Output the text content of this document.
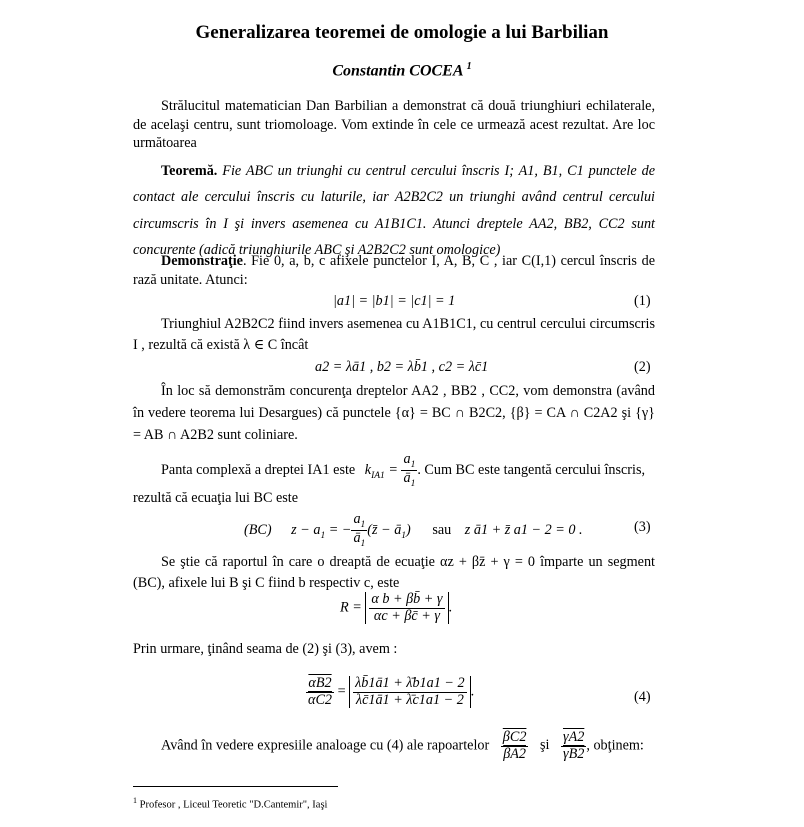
Generalizarea teoremei de omologie a lui Barbilian
Constantin COCEA $^1$
Strălucitul matematician Dan Barbilian a demonstrat că două triunghiuri echilaterale, de acelaşi centru, sunt triomoloage. Vom extinde în cele ce urmează acest rezultat. Are loc următoarea
Teoremă. Fie ABC un triunghi cu centrul cercului înscris I; A1, B1, C1 punctele de contact ale cercului înscris cu laturile, iar A2B2C2 un triunghi având centrul cercului circumscris în I şi invers asemenea cu A1B1C1. Atunci dreptele AA2, BB2, CC2 sunt concurente (adică triunghiurile ABC şi A2B2C2 sunt omologice)
Demonstraţie. Fie 0, a, b, c afixele punctelor I, A, B, C , iar C(I,1) cercul înscris de rază unitate. Atunci:
|a1| = |b1| = |c1| = 1	(1)
Triunghiul A2B2C2 fiind invers asemenea cu A1B1C1, cu centrul cercului circumscris I , rezultă că există λ ∈ C încât
a2 = λā1 , b2 = λb̄1 , c2 = λc̄1	(2)
În loc să demonstrăm concurenţa dreptelor AA2 , BB2 , CC2, vom demonstra (având în vedere teorema lui Desargues) că punctele {α} = BC ∩ B2C2, {β} = CA ∩ C2A2 şi {γ} = AB ∩ A2B2 sunt coliniare.
Panta complexă a dreptei IA1 este $k_{IA1} = \frac{a_1}{ā_1}$ . Cum BC este tangentă cercului înscris,
rezultă că ecuaţia lui BC este
(BC) $z - a_1$ = − $\frac{a_1}{ā_1}$ (z̄ − $ā_1$) sau z ā1 + z̄ a1 − 2 = 0 .	(3)
Se ştie că raportul în care o dreaptă de ecuaţie αz + βz̄ + γ = 0 împarte un segment (BC), afixele lui B şi C fiind b respectiv c, este
$R = \frac{\text{α b + βb̄ + γ}}{\alpha c + \beta c̄ + \gamma}$ .
Prin urmare, ţinând seama de (2) şi (3), avem :
$\frac{\alpha B2}{\alpha C2} = \frac{\lambda b̄1ā1 + \lambdāb1a1 - 2}{\lambda c̄1ā1 + \lambdāc1a1 - 2}$ .	(4)
Având în vedere expresiile analoage cu (4) ale rapoartelor $\frac{\beta C2}{\beta A2}$ şi $\frac{\gamma A2}{\gamma B2}$ , obţinem:
$^1$ Profesor , Liceul Teoretic "D.Cantemir", Iaşi
